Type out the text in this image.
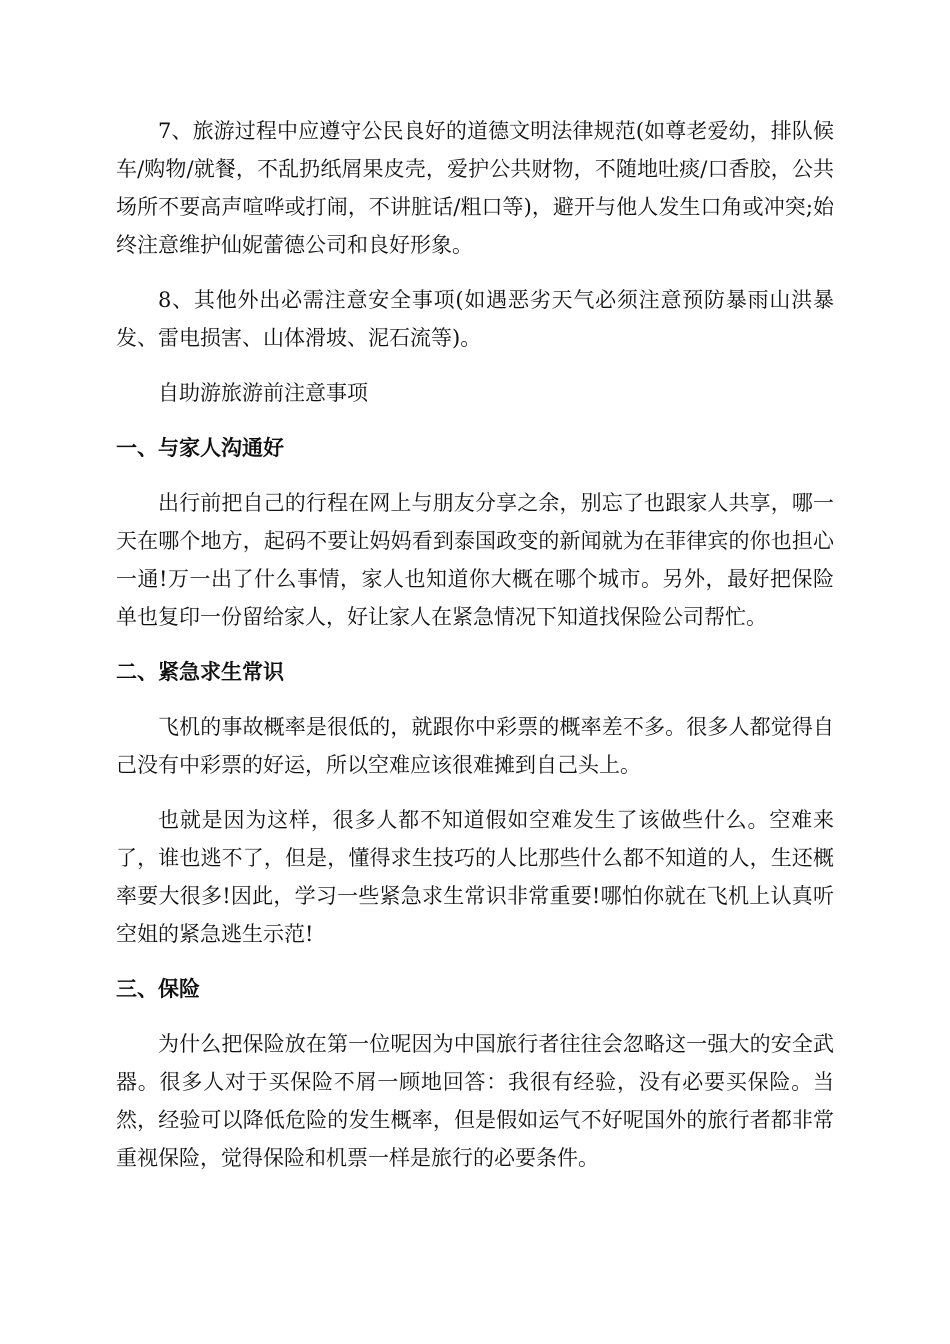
7、旅游过程中应遵守公民良好的道德文明法律规范(如尊老爱幼，排队候车/购物/就餐，不乱扔纸屑果皮壳，爱护公共财物，不随地吐痰/口香胶，公共场所不要高声喧哗或打闹，不讲脏话/粗口等)，避开与他人发生口角或冲突;始终注意维护仙妮蕾德公司和良好形象。

8、其他外出必需注意安全事项(如遇恶劣天气必须注意预防暴雨山洪暴发、雷电损害、山体滑坡、泥石流等)。

自助游旅游前注意事项

一、与家人沟通好

出行前把自己的行程在网上与朋友分享之余，别忘了也跟家人共享，哪一天在哪个地方，起码不要让妈妈看到泰国政变的新闻就为在菲律宾的你也担心一通!万一出了什么事情，家人也知道你大概在哪个城市。另外，最好把保险单也复印一份留给家人，好让家人在紧急情况下知道找保险公司帮忙。

二、紧急求生常识

飞机的事故概率是很低的，就跟你中彩票的概率差不多。很多人都觉得自己没有中彩票的好运，所以空难应该很难摊到自己头上。

也就是因为这样，很多人都不知道假如空难发生了该做些什么。空难来了，谁也逃不了，但是，懂得求生技巧的人比那些什么都不知道的人，生还概率要大很多!因此，学习一些紧急求生常识非常重要!哪怕你就在飞机上认真听空姐的紧急逃生示范!

三、保险

为什么把保险放在第一位呢因为中国旅行者往往会忽略这一强大的安全武器。很多人对于买保险不屑一顾地回答：我很有经验，没有必要买保险。当然，经验可以降低危险的发生概率，但是假如运气不好呢国外的旅行者都非常重视保险，觉得保险和机票一样是旅行的必要条件。
